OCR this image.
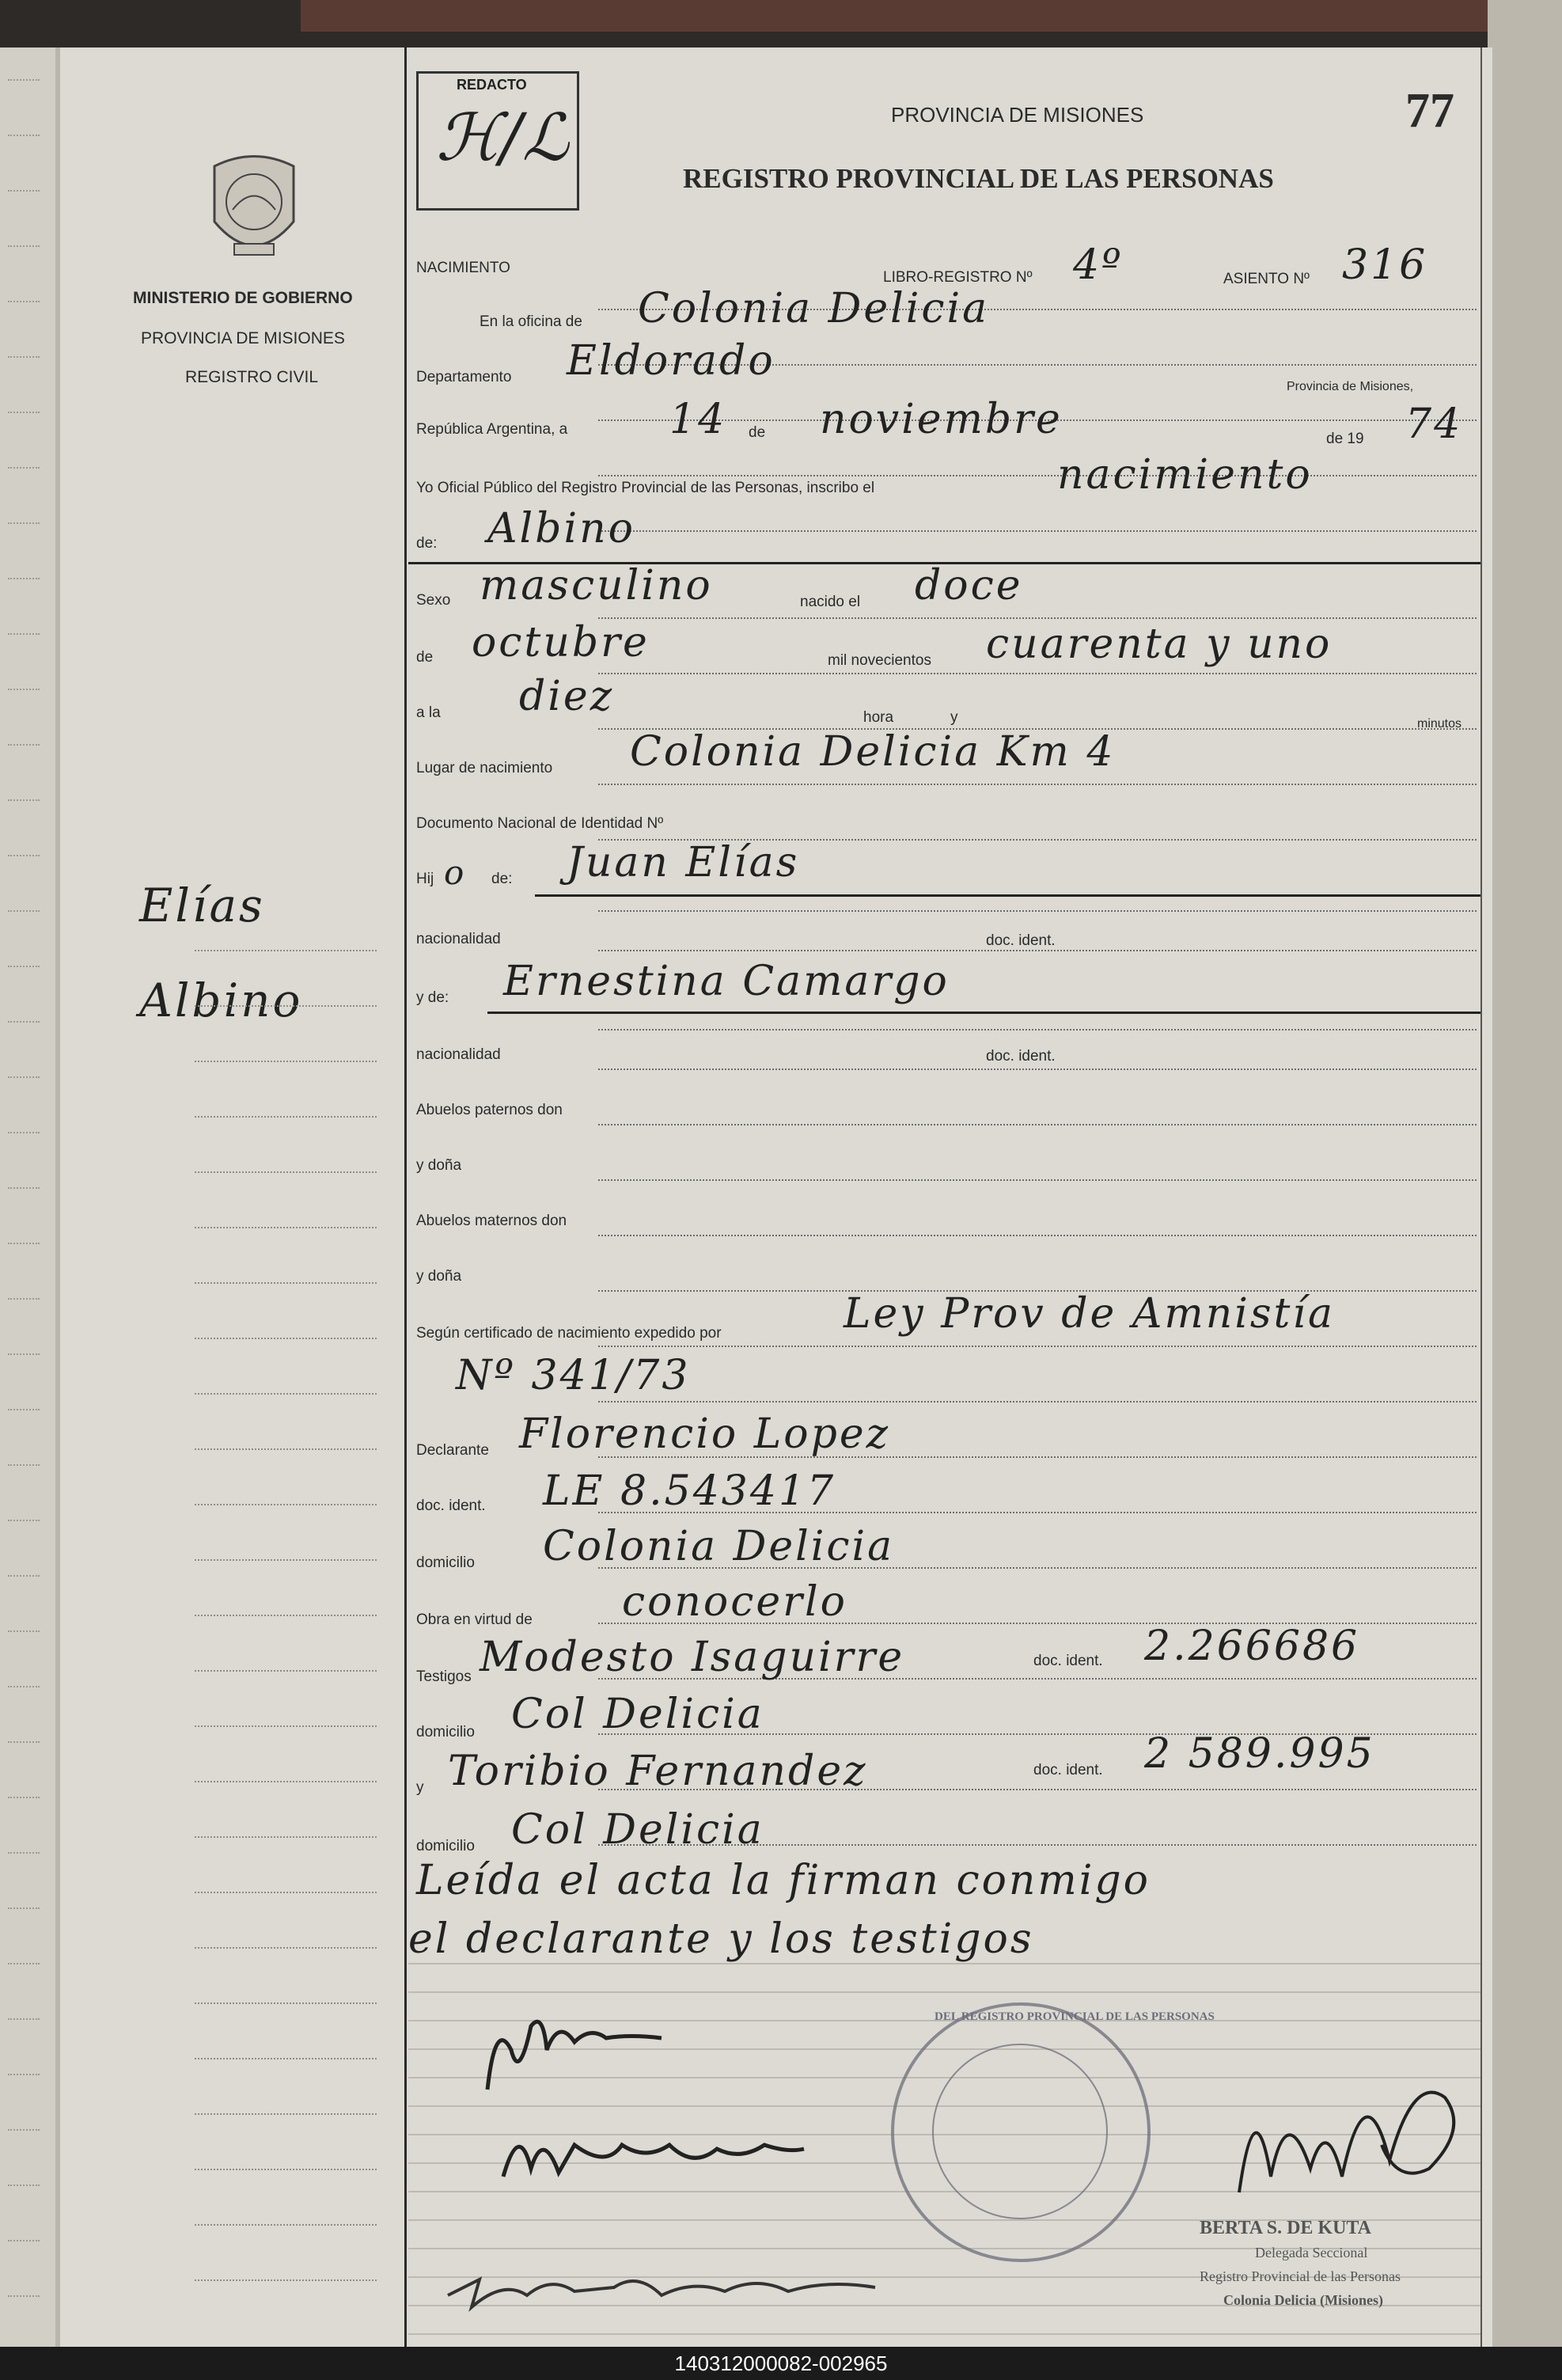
77
REDACTO
ℋ︎/ℒ	PROVINCIA DE MISIONES
REGISTRO PROVINCIAL DE LAS PERSONAS
MINISTERIO DE GOBIERNO
PROVINCIA DE MISIONES
REGISTRO CIVIL
Elías
Albino
NACIMIENTO
LIBRO-REGISTRO Nº 4º	ASIENTO Nº 316
En la oficina de Colonia Delicia
Departamento Eldorado
Provincia de Misiones,
República Argentina, a 14 de noviembre	de 19 74
Yo Oficial Público del Registro Provincial de las Personas, inscribo el	nacimiento
de: Albino
Sexo masculino	nacido el doce
de octubre	mil novecientos cuarenta y uno
a la diez	hora	y	minutos
Lugar de nacimiento Colonia Delicia Km 4
Documento Nacional de Identidad Nº
Hij o de: Juan Elías
nacionalidad	doc. ident.
y de: Ernestina Camargo
nacionalidad	doc. ident.
Abuelos paternos don
y doña
Abuelos maternos don
y doña
Según certificado de nacimiento expedido por	Ley Prov de Amnistía
Nº 341/73
Declarante Florencio Lopez
doc. ident. LE 8.543417
domicilio Colonia Delicia
Obra en virtud de conocerlo
Testigos Modesto Isaguirre	doc. ident. 2.266686
domicilio Col Delicia
y Toribio Fernandez	doc. ident. 2 589.995
domicilio Col Delicia
Leída el acta la firman conmigo
el declarante y los testigos
DEL REGISTRO PROVINCIAL DE LAS PERSONAS
BERTA S. DE KUTA
Delegada Seccional
Registro Provincial de las Personas
Colonia Delicia (Misiones)
140312000082-002965
